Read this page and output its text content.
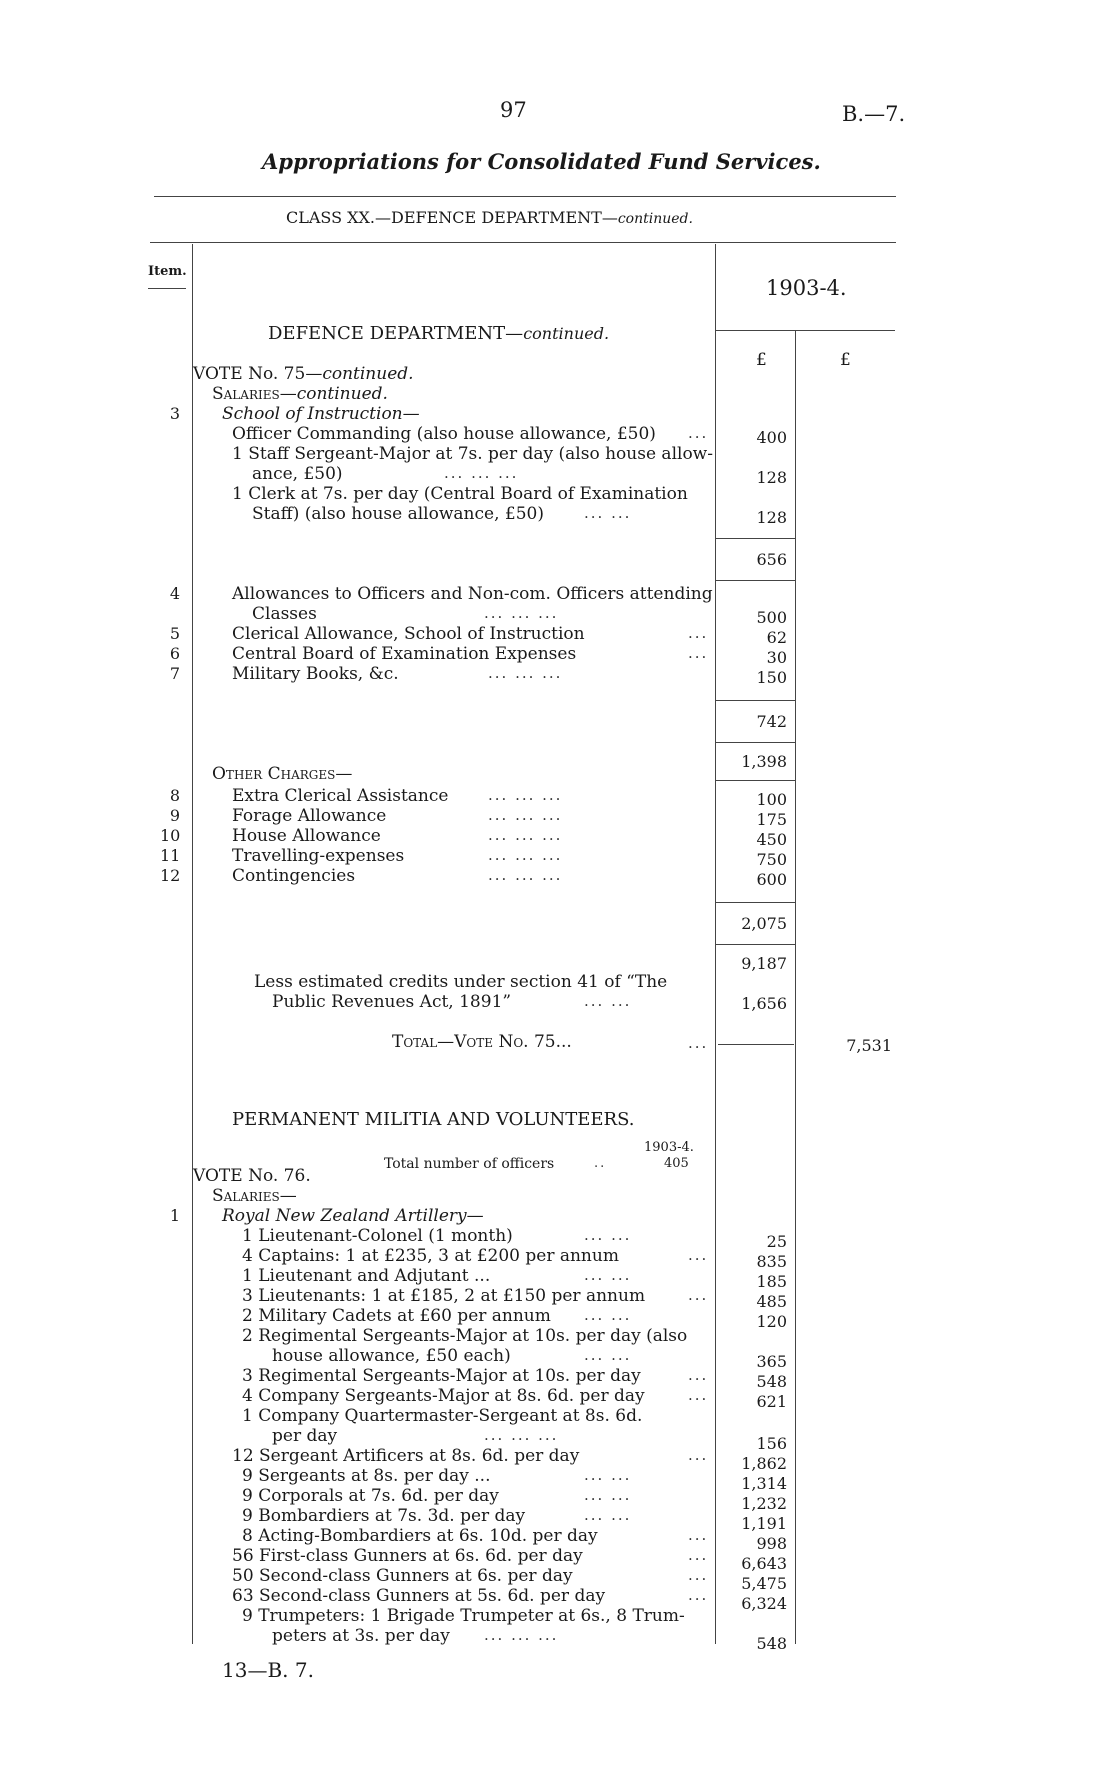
97	B.—7.
Appropriations for Consolidated Fund Services.
CLASS XX.—DEFENCE DEPARTMENT—continued.
Item.
1903-4.
£	£
DEFENCE DEPARTMENT—continued.
VOTE No. 75—continued.
Salaries—continued.
3 School of Instruction—
Officer Commanding (also house allowance, £50) ...	400
1 Staff Sergeant-Major at 7s. per day (also house allow-
ance, £50)	... ... ...	128
1 Clerk at 7s. per day (Central Board of Examination
Staff) (also house allowance, £50)	... ...	128
656
4	Allowances to Officers and Non-com. Officers attending
Classes	... ... ...	500
5	Clerical Allowance, School of Instruction	...	62
6	Central Board of Examination Expenses	...	30
7	Military Books, &c.	... ... ...	150
742
1,398
Other Charges—
8	Extra Clerical Assistance	... ... ...	100
9	Forage Allowance	... ... ...	175
10	House Allowance	... ... ...	450
11	Travelling-expenses	... ... ...	750
12	Contingencies	... ... ...	600
2,075
9,187
Less estimated credits under section 41 of “The
Public Revenues Act, 1891”	... ...	1,656
Total—Vote No. 75...	...	7,531
PERMANENT MILITIA AND VOLUNTEERS.
1903-4.
Total number of officers	..	405
VOTE No. 76.
Salaries—
1 Royal New Zealand Artillery—
1 Lieutenant-Colonel (1 month)	... ...	25
4 Captains: 1 at £235, 3 at £200 per annum	...	835
1 Lieutenant and Adjutant ...	... ...	185
3 Lieutenants: 1 at £185, 2 at £150 per annum	...	485
2 Military Cadets at £60 per annum ... ...	120
2 Regimental Sergeants-Major at 10s. per day (also
house allowance, £50 each)	... ...	365
3 Regimental Sergeants-Major at 10s. per day	...	548
4 Company Sergeants-Major at 8s. 6d. per day	...	621
1 Company Quartermaster-Sergeant at 8s. 6d.
per day	... ... ...	156
12 Sergeant Artificers at 8s. 6d. per day	...	1,862
9 Sergeants at 8s. per day ...	... ...	1,314
9 Corporals at 7s. 6d. per day	... ...	1,232
9 Bombardiers at 7s. 3d. per day	... ...	1,191
8 Acting-Bombardiers at 6s. 10d. per day	...	998
56 First-class Gunners at 6s. 6d. per day	...	6,643
50 Second-class Gunners at 6s. per day	...	5,475
63 Second-class Gunners at 5s. 6d. per day	...	6,324
9 Trumpeters: 1 Brigade Trumpeter at 6s., 8 Trum-
peters at 3s. per day ... ... ...	548
13—B. 7.
